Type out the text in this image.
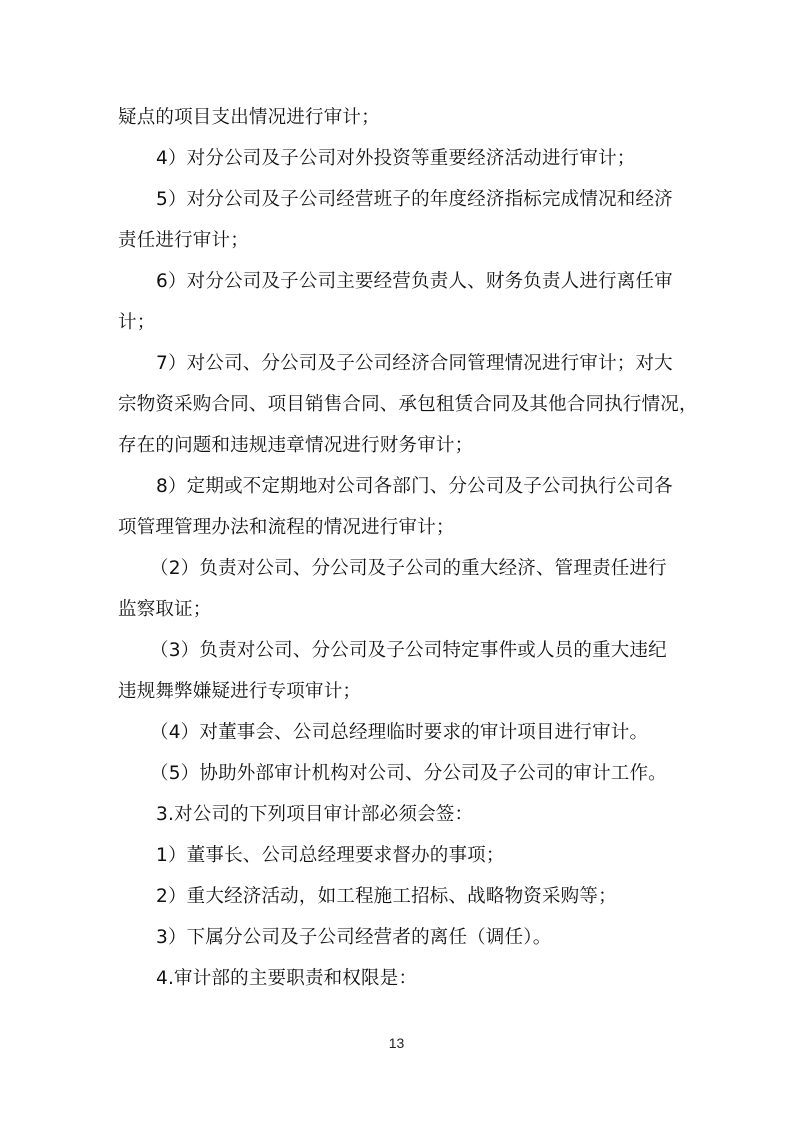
疑点的项目支出情况进行审计；
4）对分公司及子公司对外投资等重要经济活动进行审计；
5）对分公司及子公司经营班子的年度经济指标完成情况和经济
责任进行审计；
6）对分公司及子公司主要经营负责人、财务负责人进行离任审
计；
7）对公司、分公司及子公司经济合同管理情况进行审计；对大
宗物资采购合同、项目销售合同、承包租赁合同及其他合同执行情况，
存在的问题和违规违章情况进行财务审计；
8）定期或不定期地对公司各部门、分公司及子公司执行公司各
项管理管理办法和流程的情况进行审计；
（2）负责对公司、分公司及子公司的重大经济、管理责任进行
监察取证；
（3）负责对公司、分公司及子公司特定事件或人员的重大违纪
违规舞弊嫌疑进行专项审计；
（4）对董事会、公司总经理临时要求的审计项目进行审计。
（5）协助外部审计机构对公司、分公司及子公司的审计工作。
3.对公司的下列项目审计部必须会签：
1）董事长、公司总经理要求督办的事项；
2）重大经济活动，如工程施工招标、战略物资采购等；
3）下属分公司及子公司经营者的离任（调任）。
4.审计部的主要职责和权限是：
13
